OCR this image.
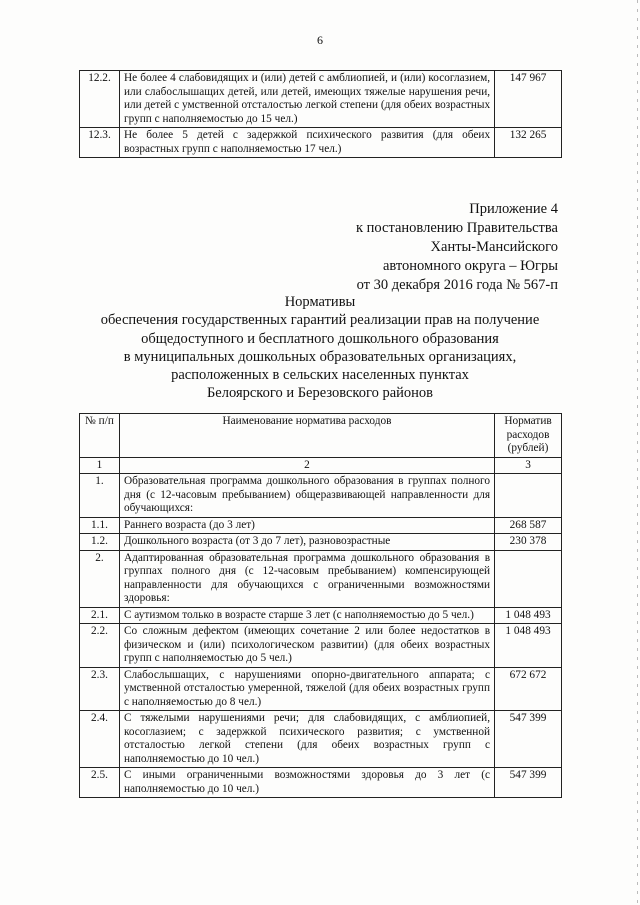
6
12.2.	Не более 4 слабовидящих и (или) детей с амблиопией, и (или) косоглазием, или слабослышащих детей, или детей, имеющих тяжелые нарушения речи, или детей с умственной отсталостью легкой степени (для обеих возрастных групп с наполняемостью до 15 чел.)	147 967
12.3.	Не более 5 детей с задержкой психического развития (для обеих возрастных групп с наполняемостью 17 чел.)	132 265
Приложение 4
к постановлению Правительства
Ханты-Мансийского
автономного округа – Югры
от 30 декабря 2016 года № 567-п
Нормативы
обеспечения государственных гарантий реализации прав на получение
общедоступного и бесплатного дошкольного образования
в муниципальных дошкольных образовательных организациях,
расположенных в сельских населенных пунктах
Белоярского и Березовского районов
№ п/п	Наименование норматива расходов	Норматив расходов (рублей)
1	2	3
1.	Образовательная программа дошкольного образования в группах полного дня (с 12-часовым пребыванием) общеразвивающей направленности для обучающихся:	
1.1.	Раннего возраста (до 3 лет)	268 587
1.2.	Дошкольного возраста (от 3 до 7 лет), разновозрастные	230 378
2.	Адаптированная образовательная программа дошкольного образования в группах полного дня (с 12-часовым пребыванием) компенсирующей направленности для обучающихся с ограниченными возможностями здоровья:	
2.1.	С аутизмом только в возрасте старше 3 лет (с наполняемостью до 5 чел.)	1 048 493
2.2.	Со сложным дефектом (имеющих сочетание 2 или более недостатков в физическом и (или) психологическом развитии) (для обеих возрастных групп с наполняемостью до 5 чел.)	1 048 493
2.3.	Слабослышащих, с нарушениями опорно-двигательного аппарата; с умственной отсталостью умеренной, тяжелой (для обеих возрастных групп с наполняемостью до 8 чел.)	672 672
2.4.	С тяжелыми нарушениями речи; для слабовидящих, с амблиопией, косоглазием; с задержкой психического развития; с умственной отсталостью легкой степени (для обеих возрастных групп с наполняемостью до 10 чел.)	547 399
2.5.	С иными ограниченными возможностями здоровья до 3 лет (с наполняемостью до 10 чел.)	547 399
